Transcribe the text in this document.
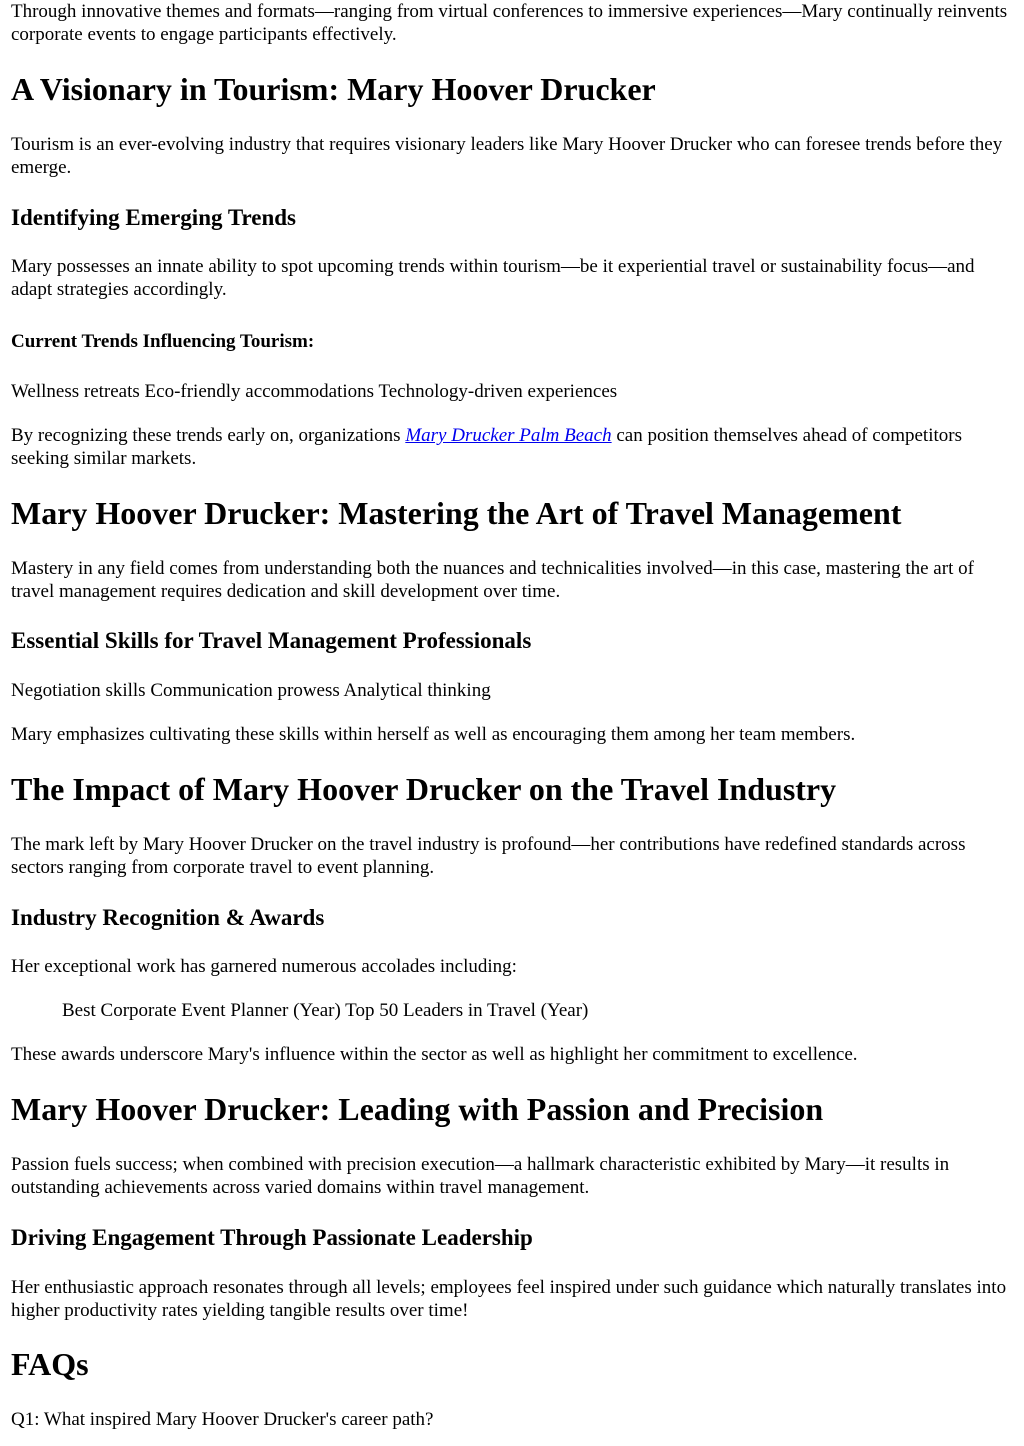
Through innovative themes and formats—ranging from virtual conferences to immersive experiences—Mary continually reinvents corporate events to engage participants effectively.

A Visionary in Tourism: Mary Hoover Drucker

Tourism is an ever-evolving industry that requires visionary leaders like Mary Hoover Drucker who can foresee trends before they emerge.

Identifying Emerging Trends

Mary possesses an innate ability to spot upcoming trends within tourism—be it experiential travel or sustainability focus—and adapt strategies accordingly.

Current Trends Influencing Tourism:

Wellness retreats Eco-friendly accommodations Technology-driven experiences

By recognizing these trends early on, organizations Mary Drucker Palm Beach can position themselves ahead of competitors seeking similar markets.

Mary Hoover Drucker: Mastering the Art of Travel Management

Mastery in any field comes from understanding both the nuances and technicalities involved—in this case, mastering the art of travel management requires dedication and skill development over time.

Essential Skills for Travel Management Professionals

Negotiation skills Communication prowess Analytical thinking

Mary emphasizes cultivating these skills within herself as well as encouraging them among her team members.

The Impact of Mary Hoover Drucker on the Travel Industry

The mark left by Mary Hoover Drucker on the travel industry is profound—her contributions have redefined standards across sectors ranging from corporate travel to event planning.

Industry Recognition & Awards

Her exceptional work has garnered numerous accolades including:

Best Corporate Event Planner (Year) Top 50 Leaders in Travel (Year)

These awards underscore Mary's influence within the sector as well as highlight her commitment to excellence.

Mary Hoover Drucker: Leading with Passion and Precision

Passion fuels success; when combined with precision execution—a hallmark characteristic exhibited by Mary—it results in outstanding achievements across varied domains within travel management.

Driving Engagement Through Passionate Leadership

Her enthusiastic approach resonates through all levels; employees feel inspired under such guidance which naturally translates into higher productivity rates yielding tangible results over time!

FAQs

Q1: What inspired Mary Hoover Drucker's career path?
